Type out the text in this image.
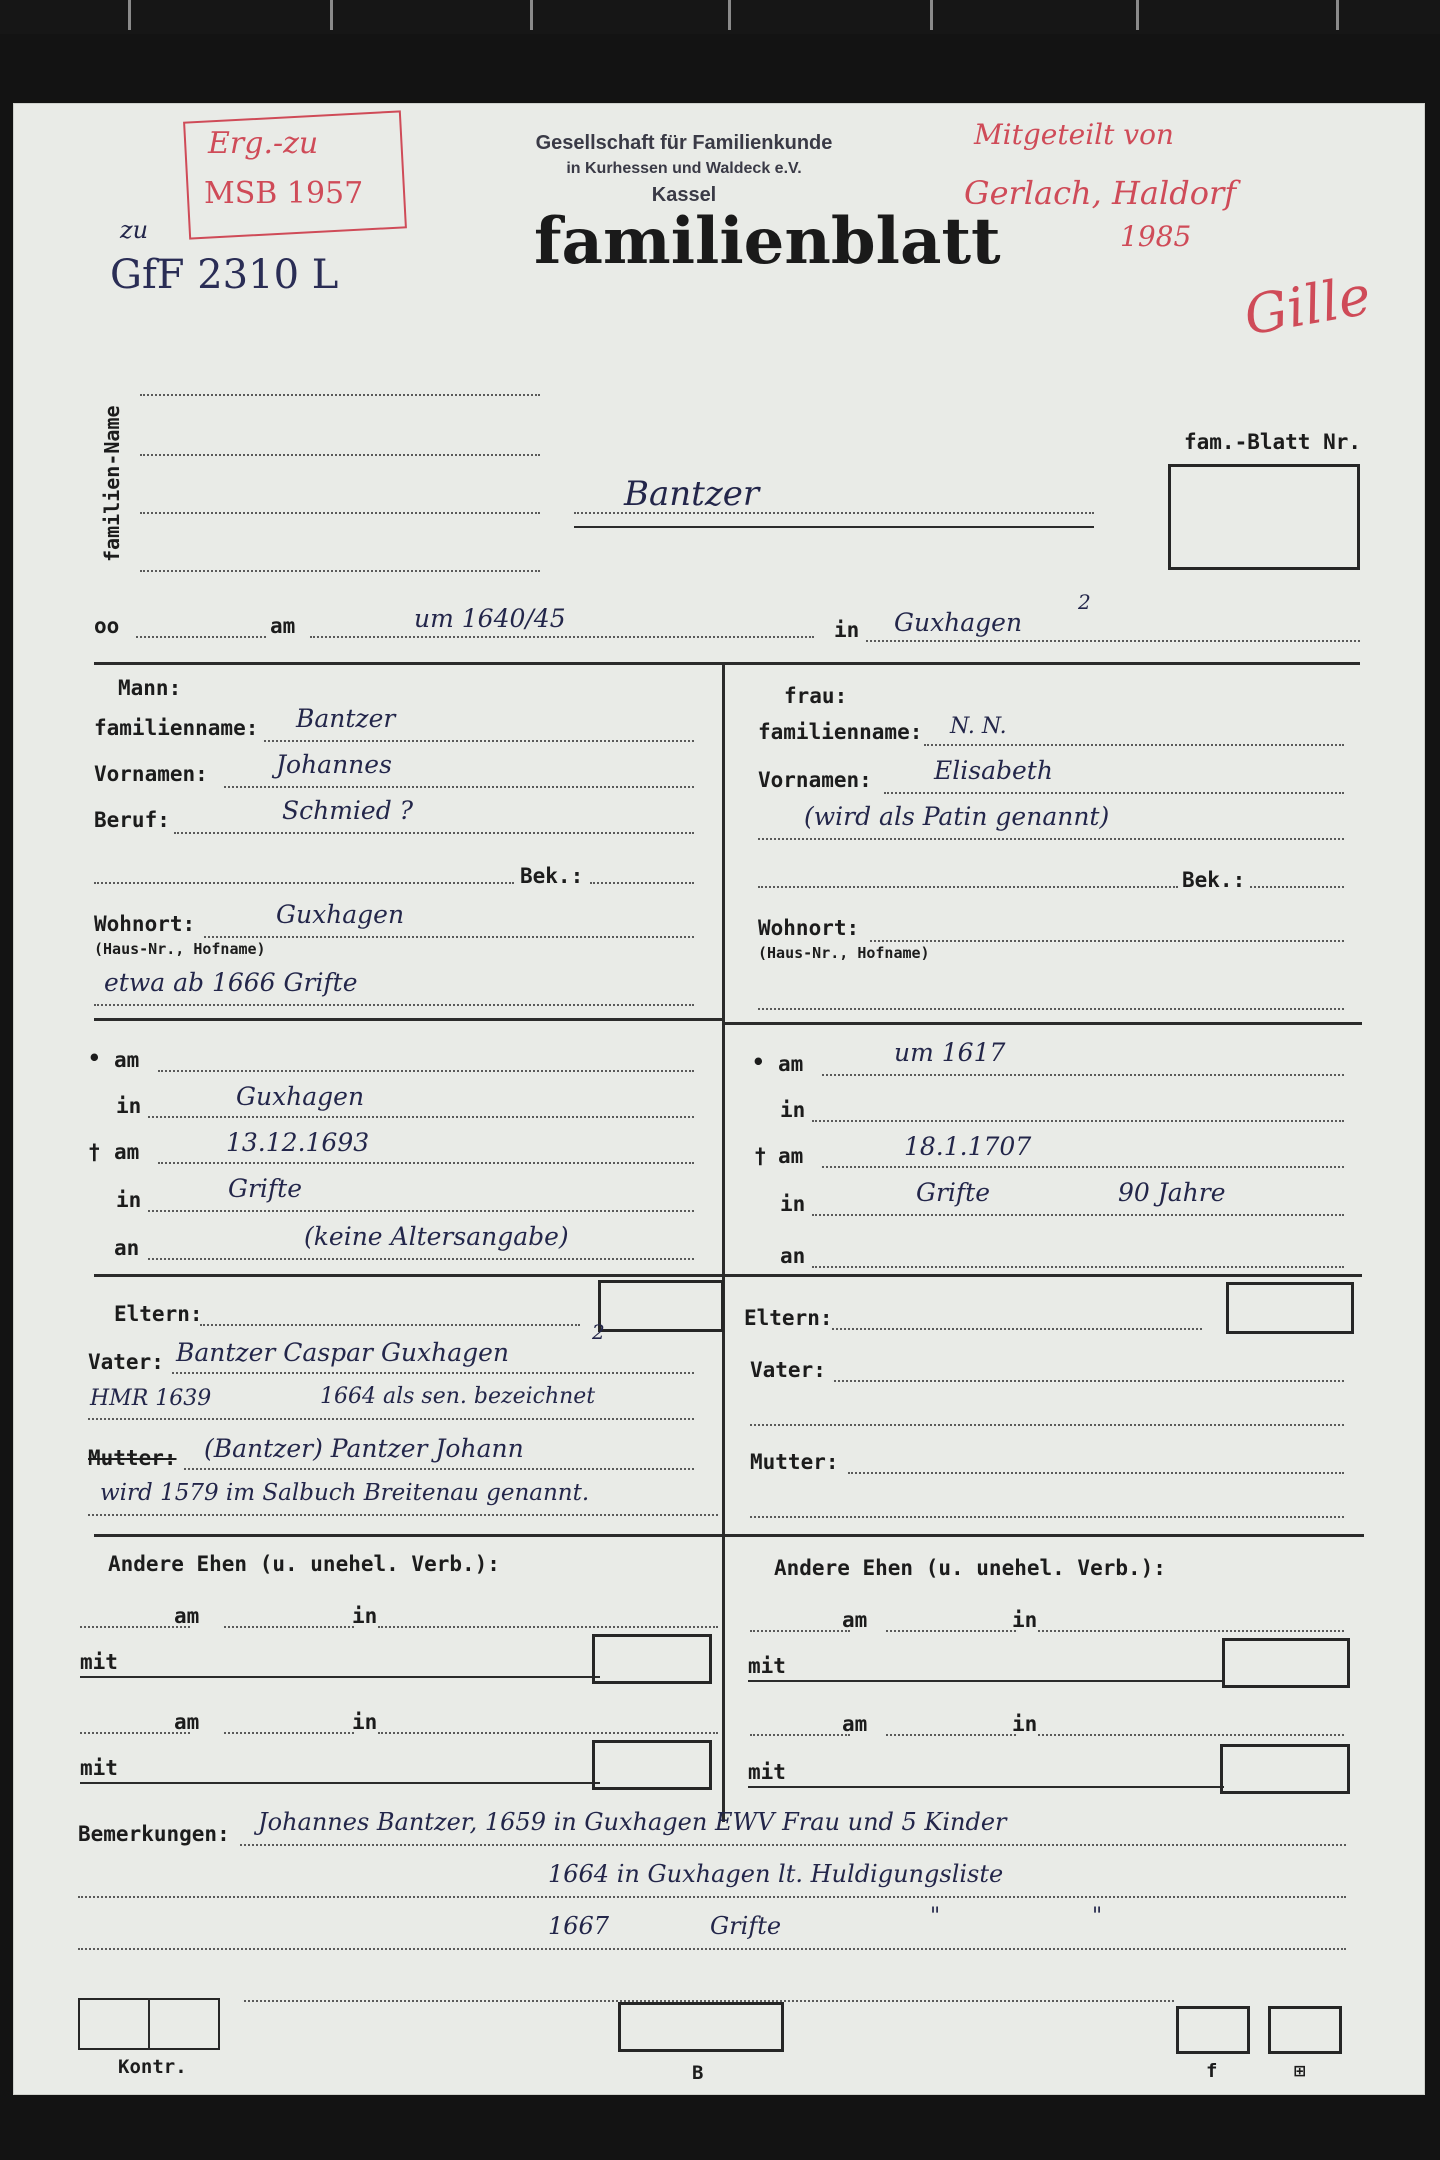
Gesellschaft für Familienkunde
in Kurhessen und Waldeck e.V.
Kassel
familienblatt
Erg.-zu
MSB 1957
zu
GfF 2310 L
Mitgeteilt von
Gerlach, Haldorf
1985
Gille
familien-Name	Bantzer
fam.-Blatt Nr.
oo	am	um 1640/45	in Guxhagen
2
Mann:
familienname: Bantzer
Vornamen:	Johannes
Beruf:	Schmied ?
Bek.:
Wohnort:	Guxhagen
(Haus-Nr., Hofname)
etwa ab 1666 Grifte
frau:
familienname: N. N.
Vornamen: Elisabeth
(wird als Patin genannt)
Bek.:
Wohnort:
(Haus-Nr., Hofname)
• am
in	Guxhagen
† am	13.12.1693
in	Grifte
an	(keine Altersangabe)
• am	um 1617
in
† am	18.1.1707
in	Grifte	90 Jahre
an
Eltern:
Vater: Bantzer Caspar Guxhagen
2
HMR 1639	1664 als sen. bezeichnet
Mutter: (Bantzer) Pantzer Johann
wird 1579 im Salbuch Breitenau genannt.
Eltern:
Vater:
Mutter:
Andere Ehen (u. unehel. Verb.):
am	in
mit
am	in
mit
Andere Ehen (u. unehel. Verb.):
am	in
mit
am	in
mit
Bemerkungen: Johannes Bantzer, 1659 in Guxhagen EWV Frau und 5 Kinder
1664 in Guxhagen lt. Huldigungsliste
1667	Grifte	"	"
Kontr.	B	f	⊞
